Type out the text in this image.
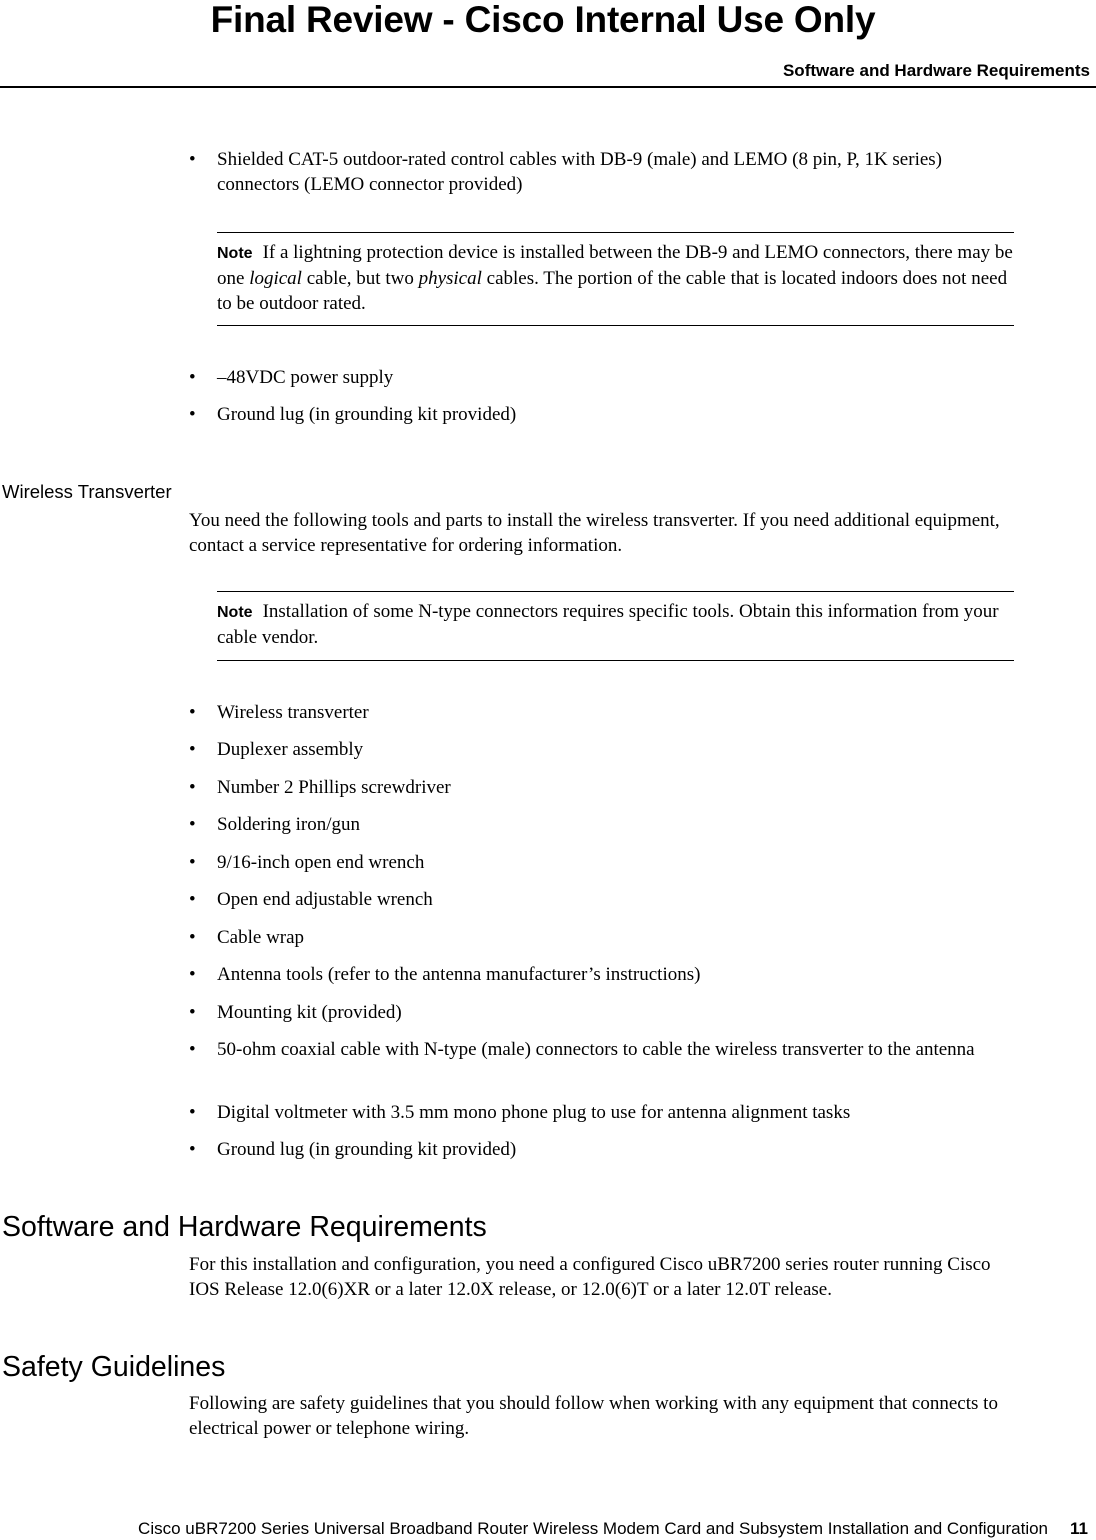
Final Review - Cisco Internal Use Only
Software and Hardware Requirements
• Shielded CAT-5 outdoor-rated control cables with DB-9 (male) and LEMO (8 pin, P, 1K series) connectors (LEMO connector provided)
Note If a lightning protection device is installed between the DB-9 and LEMO connectors, there may be one logical cable, but two physical cables. The portion of the cable that is located indoors does not need to be outdoor rated.
• –48VDC power supply
• Ground lug (in grounding kit provided)
Wireless Transverter
You need the following tools and parts to install the wireless transverter. If you need additional equipment, contact a service representative for ordering information.
Note Installation of some N-type connectors requires specific tools. Obtain this information from your cable vendor.
• Wireless transverter
• Duplexer assembly
• Number 2 Phillips screwdriver
• Soldering iron/gun
• 9/16-inch open end wrench
• Open end adjustable wrench
• Cable wrap
• Antenna tools (refer to the antenna manufacturer’s instructions)
• Mounting kit (provided)
• 50-ohm coaxial cable with N-type (male) connectors to cable the wireless transverter to the antenna
• Digital voltmeter with 3.5 mm mono phone plug to use for antenna alignment tasks
• Ground lug (in grounding kit provided)
Software and Hardware Requirements
For this installation and configuration, you need a configured Cisco uBR7200 series router running Cisco IOS Release 12.0(6)XR or a later 12.0X release, or 12.0(6)T or a later 12.0T release.
Safety Guidelines
Following are safety guidelines that you should follow when working with any equipment that connects to electrical power or telephone wiring.
Cisco uBR7200 Series Universal Broadband Router Wireless Modem Card and Subsystem Installation and Configuration 11
